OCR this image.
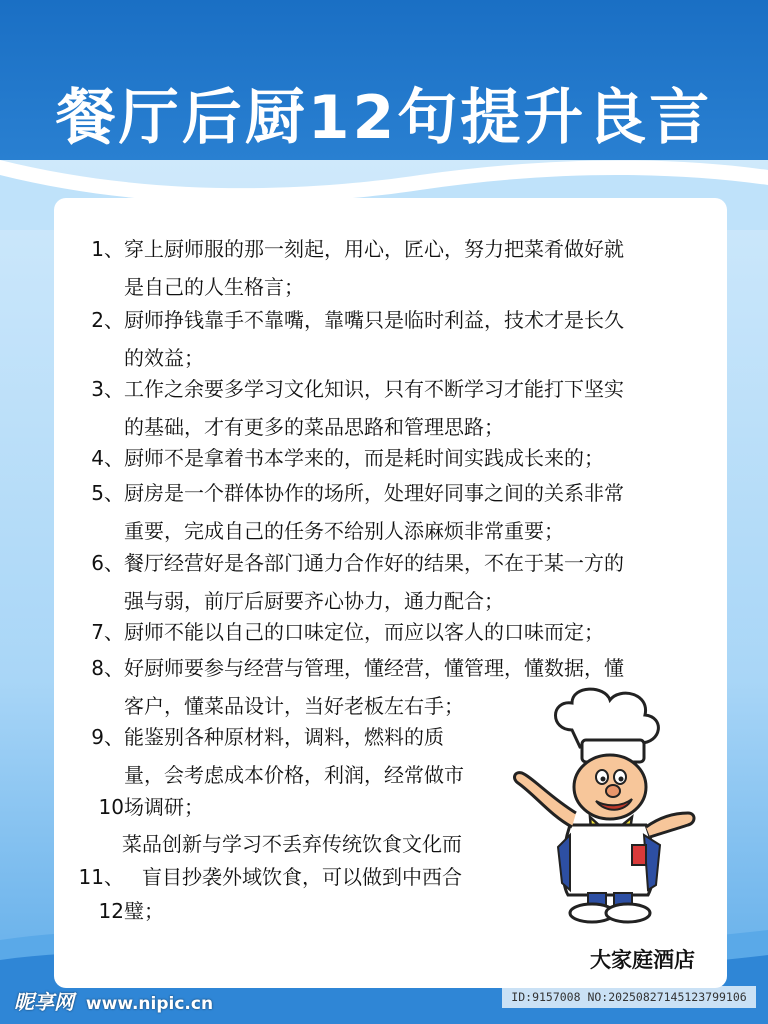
餐厅后厨12句提升良言
1、 穿上厨师服的那一刻起，用心，匠心，努力把菜肴做好就
是自己的人生格言；
2、 厨师挣钱靠手不靠嘴，靠嘴只是临时利益，技术才是长久
的效益；
3、 工作之余要多学习文化知识，只有不断学习才能打下坚实
的基础，才有更多的菜品思路和管理思路；
4、 厨师不是拿着书本学来的，而是耗时间实践成长来的；
5、 厨房是一个群体协作的场所，处理好同事之间的关系非常
重要，完成自己的任务不给别人添麻烦非常重要；
6、 餐厅经营好是各部门通力合作好的结果，不在于某一方的
强与弱，前厅后厨要齐心协力，通力配合；
7、 厨师不能以自己的口味定位，而应以客人的口味而定；
8、 好厨师要参与经营与管理，懂经营，懂管理，懂数据，懂
客户，懂菜品设计，当好老板左右手；
9、 能鉴别各种原材料，调料，燃料的质
量，会考虑成本价格，利润，经常做市
10 场调研；
菜品创新与学习不丢弃传统饮食文化而
11、 盲目抄袭外域饮食，可以做到中西合
12 璧；
大家庭酒店
昵享网 www.nipic.cn	ID:9157008 NO:20250827145123799106
